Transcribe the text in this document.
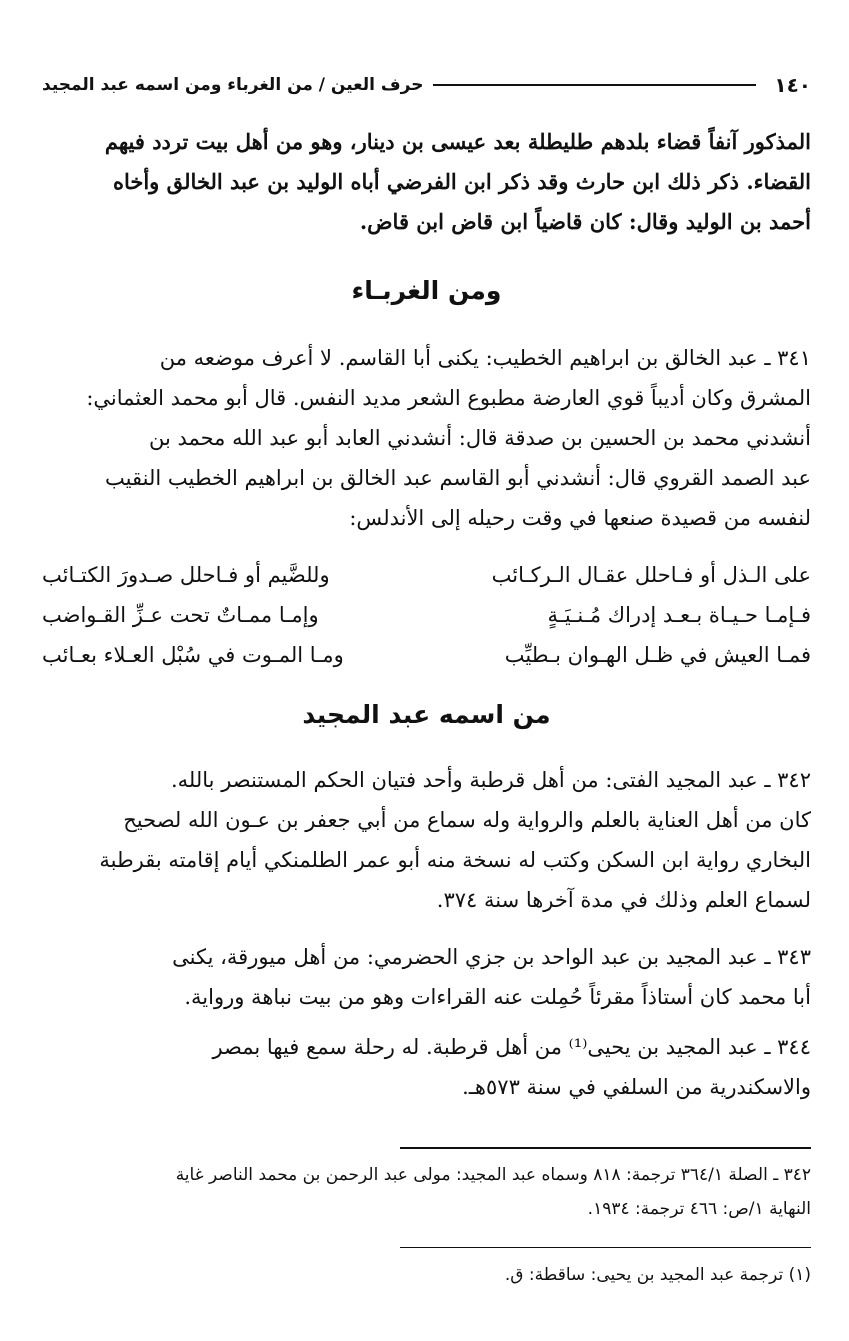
١٤٠
حرف العين / من الغرباء ومن اسمه عبد المجيد

المذكور آنفاً قضاء بلدهم طليطلة بعد عيسى بن دينار، وهو من أهل بيت تردد فيهم

القضاء. ذكر ذلك ابن حارث وقد ذكر ابن الفرضي أباه الوليد بن عبد الخالق وأخاه

أحمد بن الوليد وقال: كان قاضياً ابن قاض ابن قاض.

ومن الغربـاء

٣٤١ ـ عبد الخالق بن ابراهيم الخطيب: يكنى أبا القاسم. لا أعرف موضعه من

المشرق وكان أديباً قوي العارضة مطبوع الشعر مديد النفس. قال أبو محمد العثماني:

أنشدني محمد بن الحسين بن صدقة قال: أنشدني العابد أبو عبد الله محمد بن

عبد الصمد القروي قال: أنشدني أبو القاسم عبد الخالق بن ابراهيم الخطيب النقيب

لنفسه من قصيدة صنعها في وقت رحيله إلى الأندلس:

على الـذل أو فـاحلل عقـال الـركـائب	وللضَّيم أو فـاحلل صـدورَ الكتـائب
فـإمـا حـيـاة بـعـد إدراك مُـنـيَـةٍ	وإمـا ممـاتٌ تحت عـزِّ القـواضب
فمـا العيش في ظـل الهـوان بـطيِّب	ومـا المـوت في سُبْل العـلاء بعـائب

من اسمه عبد المجيد

٣٤٢ ـ عبد المجيد الفتى: من أهل قرطبة وأحد فتيان الحكم المستنصر بالله.

كان من أهل العناية بالعلم والرواية وله سماع من أبي جعفر بن عـون الله لصحيح

البخاري رواية ابن السكن وكتب له نسخة منه أبو عمر الطلمنكي أيام إقامته بقرطبة

لسماع العلم وذلك في مدة آخرها سنة ٣٧٤.

٣٤٣ ـ عبد المجيد بن عبد الواحد بن جزي الحضرمي: من أهل ميورقة، يكنى

أبا محمد كان أستاذاً مقرئاً حُمِلت عنه القراءات وهو من بيت نباهة ورواية.

٣٤٤ ـ عبد المجيد بن يحيى⁽¹⁾ من أهل قرطبة. له رحلة سمع فيها بمصر

والاسكندرية من السلفي في سنة ٥٧٣هـ.

٣٤٢ ـ الصلة ٣٦٤/١ ترجمة: ٨١٨ وسماه عبد المجيد: مولى عبد الرحمن بن محمد الناصر غاية

النهاية ١/ص: ٤٦٦ ترجمة: ١٩٣٤.

(١) ترجمة عبد المجيد بن يحيى: ساقطة: ق.
